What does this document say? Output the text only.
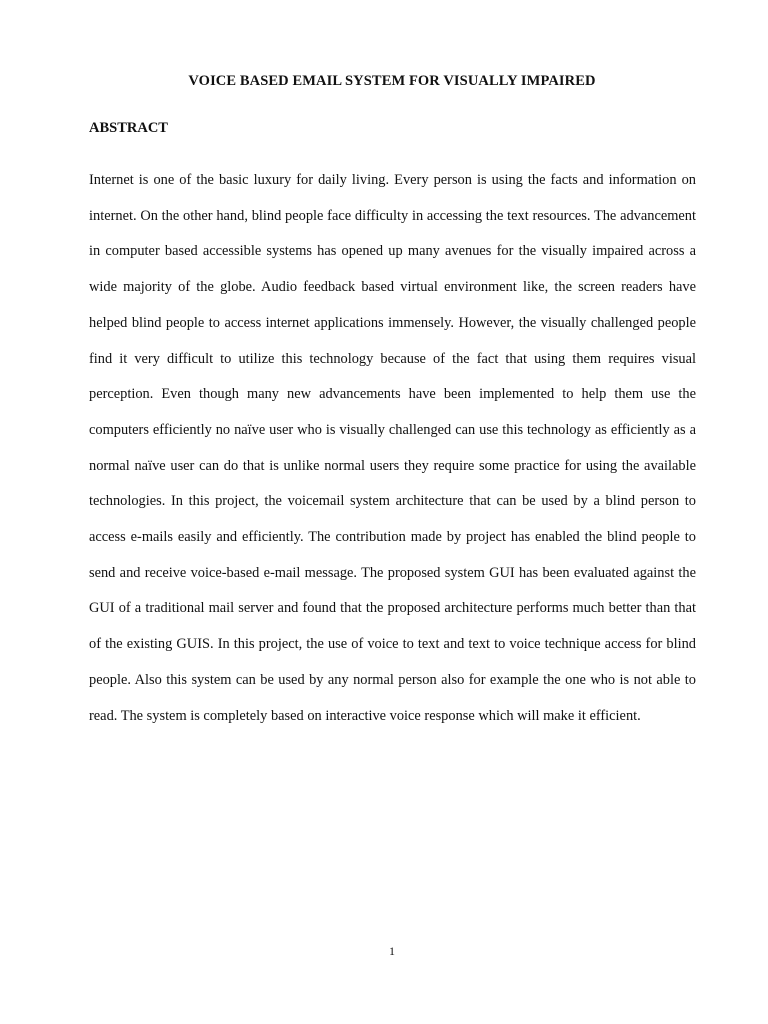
VOICE BASED EMAIL SYSTEM FOR VISUALLY IMPAIRED
ABSTRACT

Internet is one of the basic luxury for daily living. Every person is using the facts and information on internet. On the other hand, blind people face difficulty in accessing the text resources. The advancement in computer based accessible systems has opened up many avenues for the visually impaired across a wide majority of the globe. Audio feedback based virtual environment like, the screen readers have helped blind people to access internet applications immensely. However, the visually challenged people find it very difficult to utilize this technology because of the fact that using them requires visual perception. Even though many new advancements have been implemented to help them use the computers efficiently no naïve user who is visually challenged can use this technology as efficiently as a normal naïve user can do that is unlike normal users they require some practice for using the available technologies. In this project, the voicemail system architecture that can be used by a blind person to access e-mails easily and efficiently. The contribution made by project has enabled the blind people to send and receive voice-based e-mail message. The proposed system GUI has been evaluated against the GUI of a traditional mail server and found that the proposed architecture performs much better than that of the existing GUIS. In this project, the use of voice to text and text to voice technique access for blind people. Also this system can be used by any normal person also for example the one who is not able to read. The system is completely based on interactive voice response which will make it efficient.

1
